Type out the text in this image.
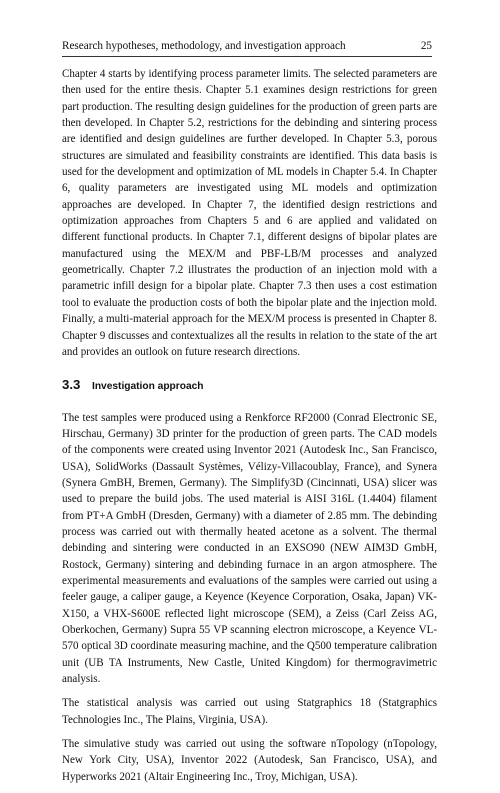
Research hypotheses, methodology, and investigation approach	25

Chapter 4 starts by identifying process parameter limits. The selected parameters are then used for the entire thesis. Chapter 5.1 examines design restrictions for green part production. The resulting design guidelines for the production of green parts are then developed. In Chapter 5.2, restrictions for the debinding and sintering process are identified and design guidelines are further developed. In Chapter 5.3, porous structures are simulated and feasibility constraints are identified. This data basis is used for the development and optimization of ML models in Chapter 5.4. In Chapter 6, quality parameters are investigated using ML models and optimization approaches are developed. In Chapter 7, the identified design restrictions and optimization approaches from Chapters 5 and 6 are applied and validated on different functional products. In Chapter 7.1, different designs of bipolar plates are manufactured using the MEX/M and PBF-LB/M processes and analyzed geometrically. Chapter 7.2 illustrates the production of an injection mold with a parametric infill design for a bipolar plate. Chapter 7.3 then uses a cost estimation tool to evaluate the production costs of both the bipolar plate and the injection mold. Finally, a multi-material approach for the MEX/M process is presented in Chapter 8. Chapter 9 discusses and contextualizes all the results in relation to the state of the art and provides an outlook on future research directions.

3.3	Investigation approach

The test samples were produced using a Renkforce RF2000 (Conrad Electronic SE, Hirschau, Germany) 3D printer for the production of green parts. The CAD models of the components were created using Inventor 2021 (Autodesk Inc., San Francisco, USA), SolidWorks (Dassault Systèmes, Vélizy-Villacoublay, France), and Synera (Synera GmBH, Bremen, Germany). The Simplify3D (Cincinnati, USA) slicer was used to prepare the build jobs. The used material is AISI 316L (1.4404) filament from PT+A GmbH (Dresden, Germany) with a diameter of 2.85 mm. The debinding process was carried out with thermally heated acetone as a solvent. The thermal debinding and sintering were conducted in an EXSO90 (NEW AIM3D GmbH, Rostock, Germany) sintering and debinding furnace in an argon atmosphere. The experimental measurements and evaluations of the samples were carried out using a feeler gauge, a caliper gauge, a Keyence (Keyence Corporation, Osaka, Japan) VK-X150, a VHX-S600E reflected light microscope (SEM), a Zeiss (Carl Zeiss AG, Oberkochen, Germany) Supra 55 VP scanning electron microscope, a Keyence VL-570 optical 3D coordinate measuring machine, and the Q500 temperature calibration unit (UB TA Instruments, New Castle, United Kingdom) for thermogravimetric analysis.

The statistical analysis was carried out using Statgraphics 18 (Statgraphics Technologies Inc., The Plains, Virginia, USA).

The simulative study was carried out using the software nTopology (nTopology, New York City, USA), Inventor 2022 (Autodesk, San Francisco, USA), and Hyperworks 2021 (Altair Engineering Inc., Troy, Michigan, USA).
